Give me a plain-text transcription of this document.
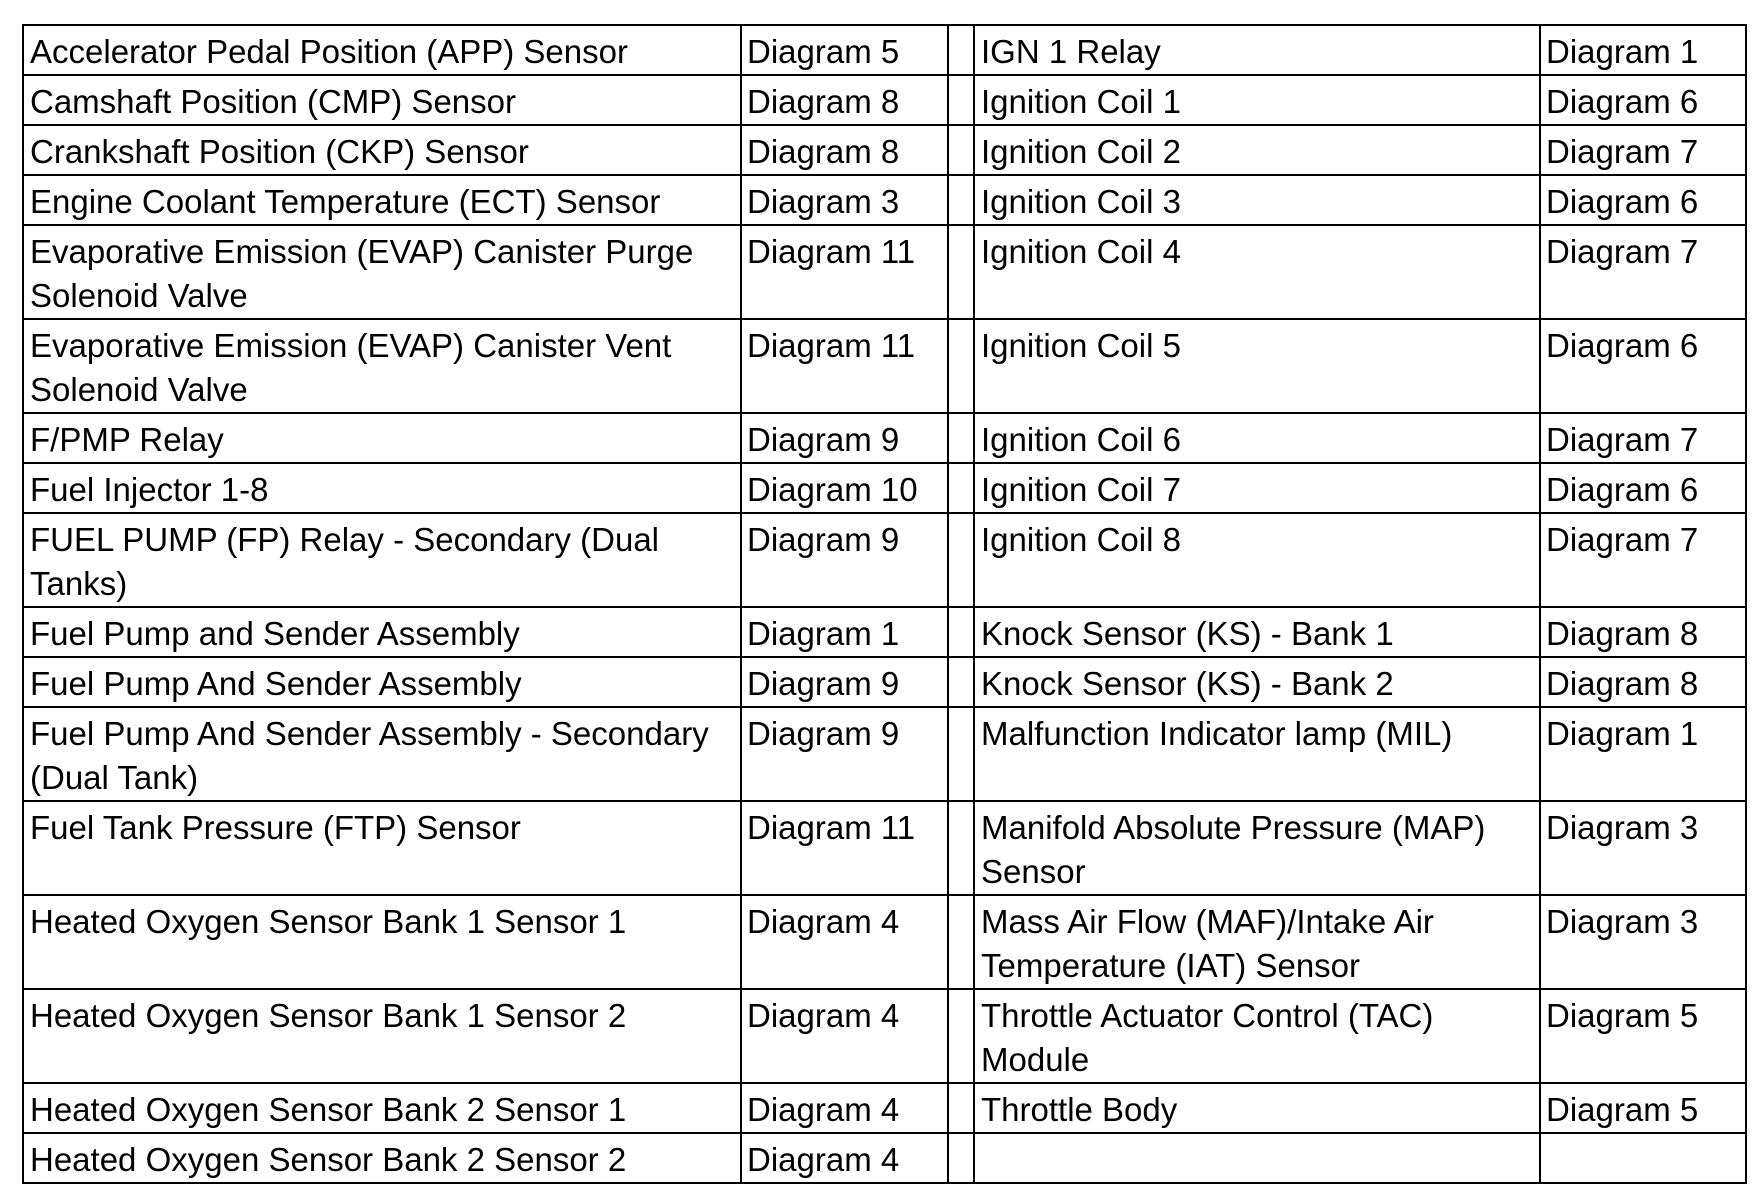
Accelerator Pedal Position (APP) Sensor	Diagram 5		IGN 1 Relay	Diagram 1
Camshaft Position (CMP) Sensor	Diagram 8		Ignition Coil 1	Diagram 6
Crankshaft Position (CKP) Sensor	Diagram 8		Ignition Coil 2	Diagram 7
Engine Coolant Temperature (ECT) Sensor	Diagram 3		Ignition Coil 3	Diagram 6
Evaporative Emission (EVAP) Canister Purge Solenoid Valve	Diagram 11		Ignition Coil 4	Diagram 7
Evaporative Emission (EVAP) Canister Vent Solenoid Valve	Diagram 11		Ignition Coil 5	Diagram 6
F/PMP Relay	Diagram 9		Ignition Coil 6	Diagram 7
Fuel Injector 1-8	Diagram 10		Ignition Coil 7	Diagram 6
FUEL PUMP (FP) Relay - Secondary (Dual Tanks)	Diagram 9		Ignition Coil 8	Diagram 7
Fuel Pump and Sender Assembly	Diagram 1		Knock Sensor (KS) - Bank 1	Diagram 8
Fuel Pump And Sender Assembly	Diagram 9		Knock Sensor (KS) - Bank 2	Diagram 8
Fuel Pump And Sender Assembly - Secondary (Dual Tank)	Diagram 9		Malfunction Indicator lamp (MIL)	Diagram 1
Fuel Tank Pressure (FTP) Sensor	Diagram 11		Manifold Absolute Pressure (MAP) Sensor	Diagram 3
Heated Oxygen Sensor Bank 1 Sensor 1	Diagram 4		Mass Air Flow (MAF)/Intake Air Temperature (IAT) Sensor	Diagram 3
Heated Oxygen Sensor Bank 1 Sensor 2	Diagram 4		Throttle Actuator Control (TAC) Module	Diagram 5
Heated Oxygen Sensor Bank 2 Sensor 1	Diagram 4		Throttle Body	Diagram 5
Heated Oxygen Sensor Bank 2 Sensor 2	Diagram 4			
